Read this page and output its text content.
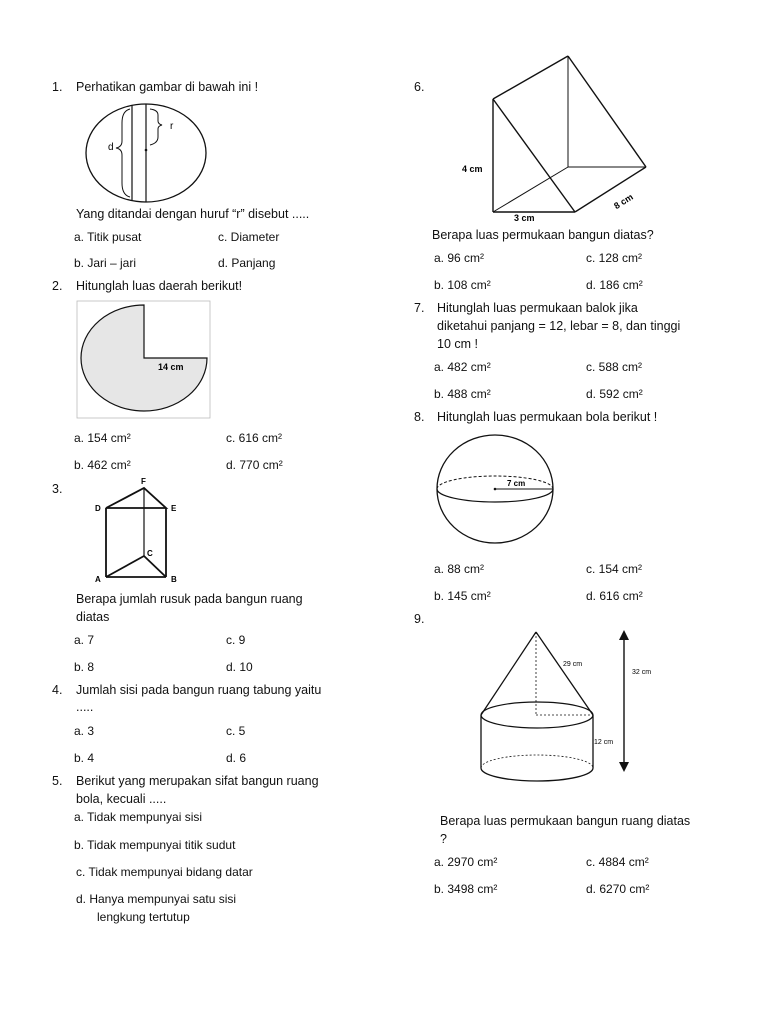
1. Perhatikan gambar di bawah ini !
d
r
Yang ditandai dengan huruf “r” disebut .....
a. Titik pusat	c. Diameter
b. Jari – jari	d. Panjang
2. Hitunglah luas daerah berikut!
14 cm
a. 154 cm²	c. 616 cm²
b. 462 cm²	d. 770 cm²
3.
F
D	E
C
A	B
Berapa jumlah rusuk pada bangun ruang
diatas
a. 7	c. 9
b. 8	d. 10
4. Jumlah sisi pada bangun ruang tabung yaitu
.....
a. 3	c. 5
b. 4	d. 6
5. Berikut yang merupakan sifat bangun ruang
bola, kecuali .....
a. Tidak mempunyai sisi
b. Tidak mempunyai titik sudut
c. Tidak mempunyai bidang datar
d. Hanya mempunyai satu sisi
lengkung tertutup
6.
4 cm
3 cm
8 cm
Berapa luas permukaan bangun diatas?
a. 96 cm²	c. 128 cm²
b. 108 cm²	d. 186 cm²
7. Hitunglah luas permukaan balok jika
diketahui panjang = 12, lebar = 8, dan tinggi
10 cm !
a. 482 cm²	c. 588 cm²
b. 488 cm²	d. 592 cm²
8. Hitunglah luas permukaan bola berikut !
7 cm
a. 88 cm²	c. 154 cm²
b. 145 cm²	d. 616 cm²
9.
29 cm
32 cm
12 cm
Berapa luas permukaan bangun ruang diatas
?
a. 2970 cm²	c. 4884 cm²
b. 3498 cm²	d. 6270 cm²
